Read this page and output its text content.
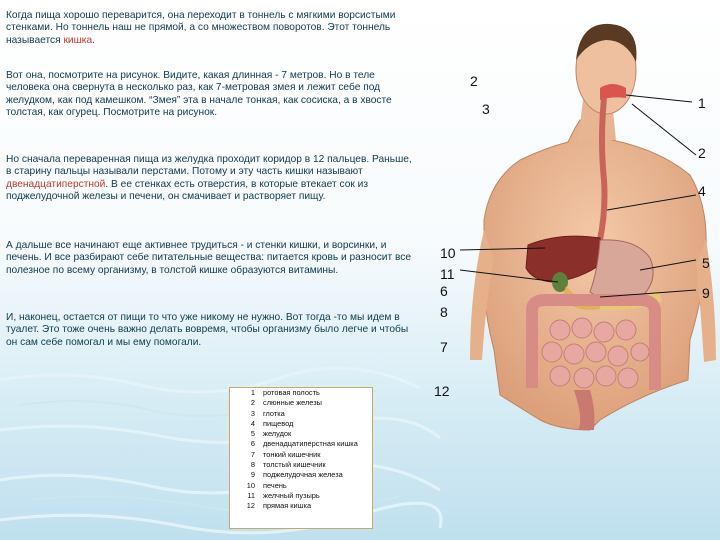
Когда пища хорошо переварится, она переходит в тоннель с мягкими ворсистыми стенками. Но тоннель наш не прямой, а со множеством поворотов. Этот тоннель называется кишка.

Вот она, посмотрите на рисунок. Видите, какая длинная - 7 метров. Но в теле человека она свернута в несколько раз, как 7-метровая змея и лежит себе под желудком, как под камешком. “Змея” эта в начале тонкая, как сосиска, а в хвосте толстая, как огурец. Посмотрите на рисунок.

Но сначала переваренная пища из желудка проходит коридор в 12 пальцев. Раньше, в старину пальцы называли перстами. Потому и эту часть кишки называют двенадцатиперстной. В ее стенках есть отверстия, в которые втекает сок из поджелудочной железы и печени, он смачивает и растворяет пищу.

А дальше все начинают еще активнее трудиться - и стенки кишки, и ворсинки, и печень. И все разбирают себе питательные вещества: питается кровь и разносит все полезное по всему организму, в толстой кишке образуются витамины.

И, наконец, остается от пищи то что уже никому не нужно. Вот тогда -то мы идем в туалет. Это тоже очень важно делать вовремя, чтобы организму было легче и чтобы он сам себе помогал и мы ему помогали.

2
3	1
2
4
10
11
6
8
7
12
5
9
1	ротовая полость
2	слюнные железы
3	глотка
4	пищевод
5	желудок
6	двенадцатиперстная кишка
7	тонкий кишечник
8	толстый кишечник
9	поджелудочная железа
10	печень
11	желчный пузырь
12	прямая кишка
